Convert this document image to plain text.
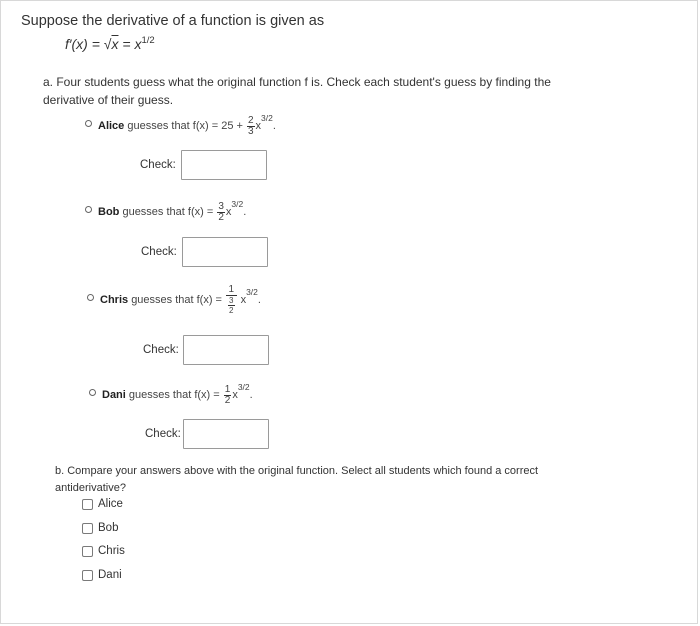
Suppose the derivative of a function is given as
$f'(x) = √x = x^{1/2}$
a. Four students guess what the original function f is. Check each student's guess by finding the derivative of their guess.
Alice guesses that $f(x) = 25 + \frac{2}{3} x^{3/2}$.
Check:
Bob guesses that $f(x) = \frac{3}{2} x^{3/2}$.
Check:
Chris guesses that $f(x) = \frac{1}{\frac{3}{2}} x^{3/2}$.
Check:
Dani guesses that $f(x) = \frac{1}{2} x^{3/2}$.
Check:
b. Compare your answers above with the original function. Select all students which found a correct antiderivative?
Alice
Bob
Chris
Dani
